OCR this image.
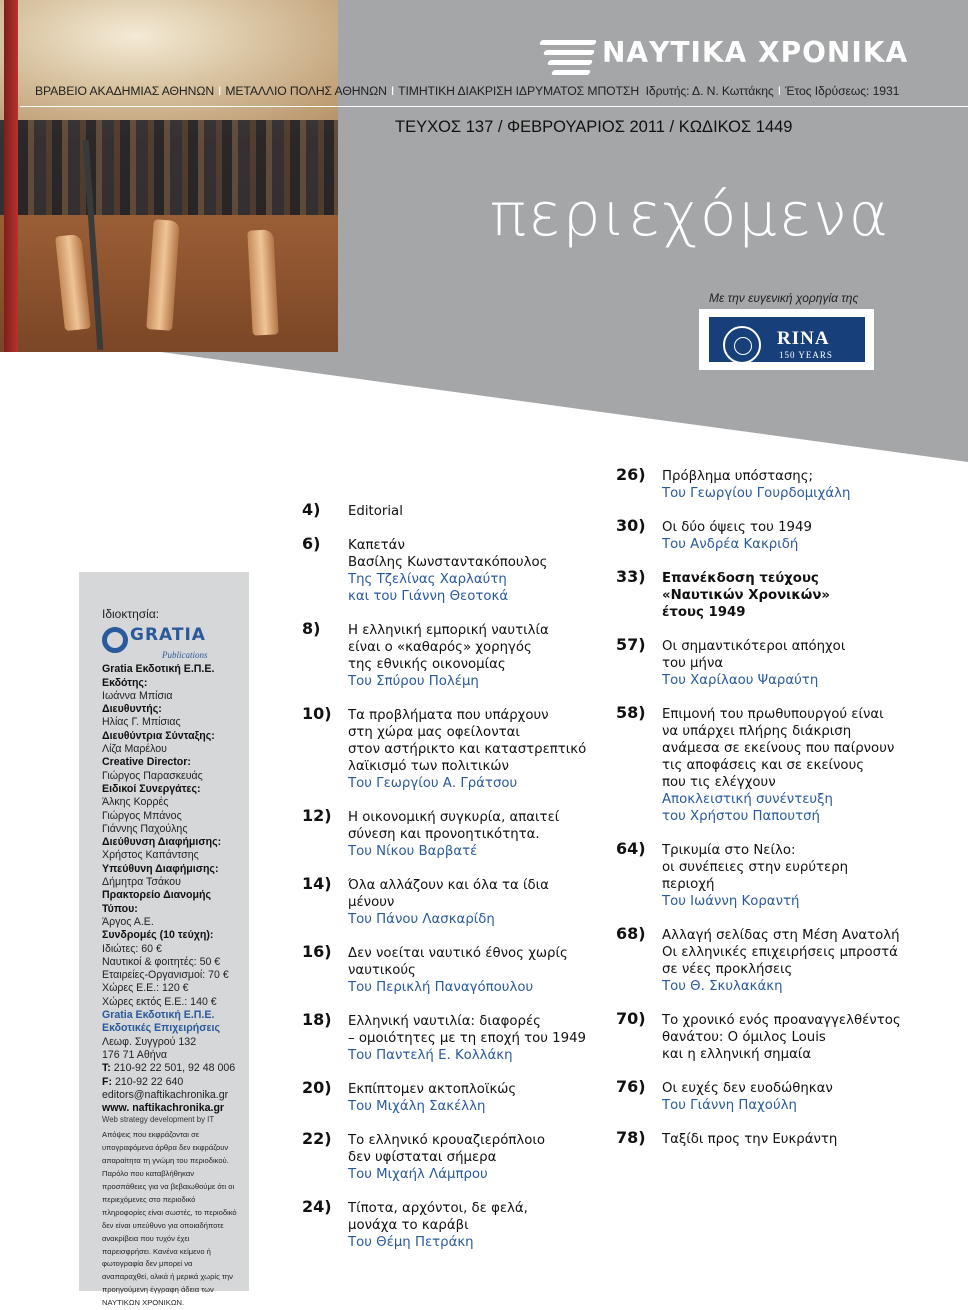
ΝΑΥΤΙΚΑ ΧΡΟΝΙΚΑ
ΒΡΑΒΕΙΟ ΑΚΑΔΗΜΙΑΣ ΑΘΗΝΩΝ I ΜΕΤΑΛΛΙΟ ΠΟΛΗΣ ΑΘΗΝΩΝ I ΤΙΜΗΤΙΚΗ ΔΙΑΚΡΙΣΗ ΙΔΡΥΜΑΤΟΣ ΜΠΟΤΣΗ Ιδρυτής: Δ. Ν. Κωττάκης I Έτος Ιδρύσεως: 1931
ΤΕΥΧΟΣ 137 / ΦΕΒΡΟΥΑΡΙΟΣ 2011 / ΚΩΔΙΚΟΣ 1449
περιεχόμενα
Με την ευγενική χορηγία της
RINA
150 YEARS
Ιδιοκτησία:
GRATIA
Publications
Gratia Εκδοτική Ε.Π.Ε.
Εκδότης:
Ιωάννα Μπίσια
Διευθυντής:
Ηλίας Γ. Μπίσιας
Διευθύντρια Σύνταξης:
Λίζα Μαρέλου
Creative Director:
Γιώργος Παρασκευάς
Ειδικοί Συνεργάτες:
Άλκης Κορρές
Γιώργος Μπάνος
Γιάννης Παχούλης
Διεύθυνση Διαφήμισης:
Χρήστος Καπάντσης
Υπεύθυνη Διαφήμισης:
Δήμητρα Τσάκου
Πρακτορείο Διανομής Τύπου:
Άργος Α.Ε.
Συνδρομές (10 τεύχη):
Ιδιώτες: 60 €
Ναυτικοί & φοιτητές: 50 €
Εταιρείες-Οργανισμοί: 70 €
Χώρες Ε.Ε.: 120 €
Χώρες εκτός Ε.Ε.: 140 €
Gratia Εκδοτική Ε.Π.Ε.
Εκδοτικές Επιχειρήσεις
Λεωφ. Συγγρού 132
176 71 Αθήνα
T: 210-92 22 501, 92 48 006
F: 210-92 22 640
editors@naftikachronika.gr
www. naftikachronika.gr
Web strategy development by IT
Απόψεις που εκφράζονται σε υπογραφόμενα άρθρα δεν εκφράζουν απαραίτητα τη γνώμη του περιοδικού. Παρόλο που καταβλήθηκαν προσπάθειες για να βεβαιωθούμε ότι οι περιεχόμενες στο περιοδικό πληροφορίες είναι σωστές, το περιοδικό δεν είναι υπεύθυνο για οποιαδήποτε ανακρίβεια που τυχόν έχει παρεισφρήσει. Κανένα κείμενο ή φωτογραφία δεν μπορεί να αναπαραχθεί, ολικά ή μερικά χωρίς την προηγούμενη έγγραφη άδεια των ΝΑΥΤΙΚΩΝ ΧΡΟΝΙΚΩΝ.
4) Editorial
6) Καπετάν
Βασίλης Κωνσταντακόπουλος
Της Τζελίνας Χαρλαύτη
και του Γιάννη Θεοτοκά
8) Η ελληνική εμπορική ναυτιλία
είναι ο «καθαρός» χορηγός
της εθνικής οικονομίας
Του Σπύρου Πολέμη
10) Τα προβλήματα που υπάρχουν
στη χώρα μας οφείλονται
στον αστήρικτο και καταστρεπτικό
λαϊκισμό των πολιτικών
Του Γεωργίου Α. Γράτσου
12) Η οικονομική συγκυρία, απαιτεί
σύνεση και προνοητικότητα.
Του Νίκου Βαρβατέ
14) Όλα αλλάζουν και όλα τα ίδια
μένουν
Του Πάνου Λασκαρίδη
16) Δεν νοείται ναυτικό έθνος χωρίς
ναυτικούς
Του Περικλή Παναγόπουλου
18) Ελληνική ναυτιλία: διαφορές
– ομοιότητες με τη εποχή του 1949
Του Παντελή Ε. Κολλάκη
20) Εκπίπτομεν ακτοπλοϊκώς
Του Μιχάλη Σακέλλη
22) Το ελληνικό κρουαζιερόπλοιο
δεν υφίσταται σήμερα
Του Μιχαήλ Λάμπρου
24) Τίποτα, αρχόντοι, δε φελά,
μονάχα το καράβι
Του Θέμη Πετράκη
26) Πρόβλημα υπόστασης;
Του Γεωργίου Γουρδομιχάλη
30) Οι δύο όψεις του 1949
Του Ανδρέα Κακριδή
33) Επανέκδοση τεύχους
«Ναυτικών Χρονικών»
έτους 1949
57) Οι σημαντικότεροι απόηχοι
του μήνα
Του Χαρίλαου Ψαραύτη
58) Επιμονή του πρωθυπουργού είναι
να υπάρχει πλήρης διάκριση
ανάμεσα σε εκείνους που παίρνουν
τις αποφάσεις και σε εκείνους
που τις ελέγχουν
Αποκλειστική συνέντευξη
του Χρήστου Παπουτσή
64) Τρικυμία στο Νείλο:
οι συνέπειες στην ευρύτερη
περιοχή
Του Ιωάννη Κοραντή
68) Αλλαγή σελίδας στη Μέση Ανατολή
Οι ελληνικές επιχειρήσεις μπροστά
σε νέες προκλήσεις
Του Θ. Σκυλακάκη
70) Το χρονικό ενός προαναγγελθέντος
θανάτου: Ο όμιλος Louis
και η ελληνική σημαία
76) Οι ευχές δεν ευοδώθηκαν
Του Γιάννη Παχούλη
78) Ταξίδι προς την Ευκράντη
